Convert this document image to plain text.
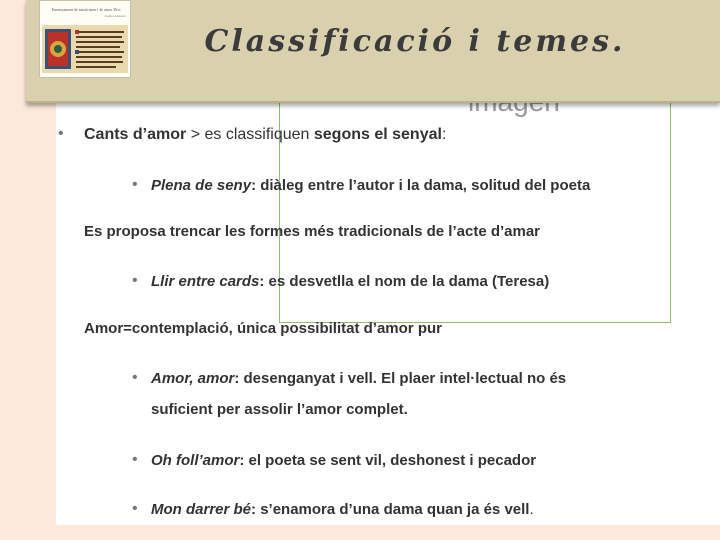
Ensenyament de misticisme i de amor Divi
Joseba Abasolo
Classificació i temes.
• Cants d’amor > es classifiquen segons el senyal:
• Plena de seny: diàleg entre l’autor i la dama, solitud del poeta
Es proposa trencar les formes més tradicionals de l’acte d’amar
• Llir entre cards: es desvetlla el nom de la dama (Teresa)
Amor=contemplació, única possibilitat d’amor pur
• Amor, amor: desenganyat i vell. El plaer intel·lectual no és
suficient per assolir l’amor complet.
• Oh foll’amor: el poeta se sent vil, deshonest i pecador
• Mon darrer bé: s’enamora d’una dama quan ja és vell.
